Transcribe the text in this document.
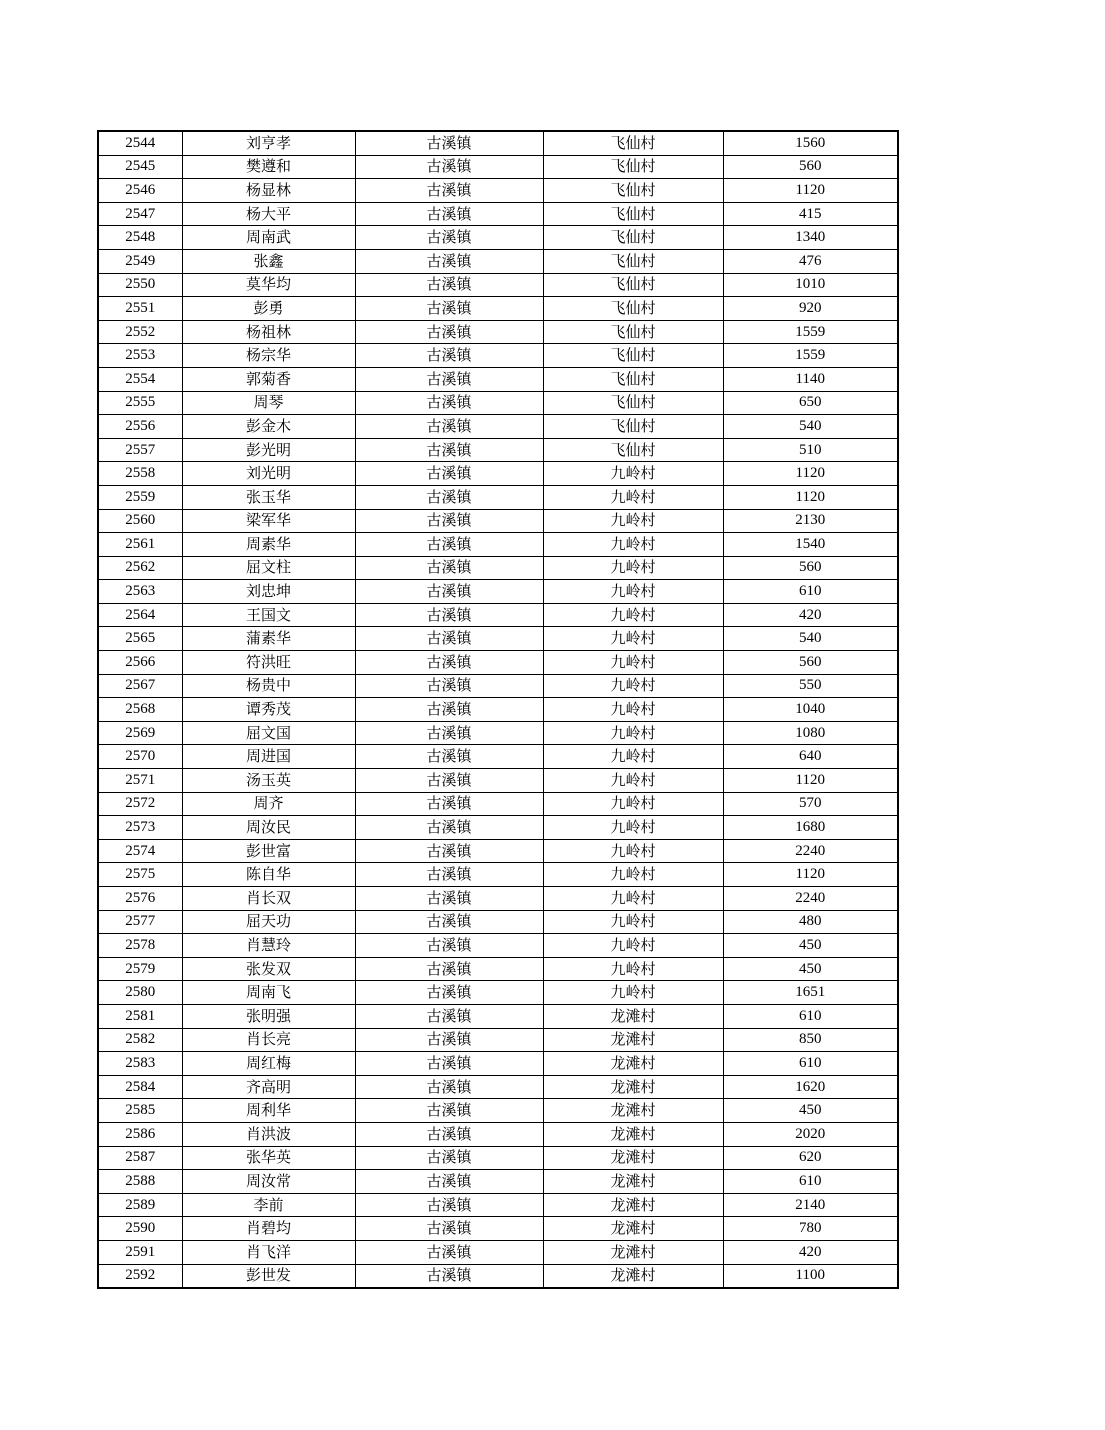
2544	刘亨孝	古溪镇	飞仙村	1560
2545	樊遵和	古溪镇	飞仙村	560
2546	杨显林	古溪镇	飞仙村	1120
2547	杨大平	古溪镇	飞仙村	415
2548	周南武	古溪镇	飞仙村	1340
2549	张鑫	古溪镇	飞仙村	476
2550	莫华均	古溪镇	飞仙村	1010
2551	彭勇	古溪镇	飞仙村	920
2552	杨祖林	古溪镇	飞仙村	1559
2553	杨宗华	古溪镇	飞仙村	1559
2554	郭菊香	古溪镇	飞仙村	1140
2555	周琴	古溪镇	飞仙村	650
2556	彭金木	古溪镇	飞仙村	540
2557	彭光明	古溪镇	飞仙村	510
2558	刘光明	古溪镇	九岭村	1120
2559	张玉华	古溪镇	九岭村	1120
2560	梁军华	古溪镇	九岭村	2130
2561	周素华	古溪镇	九岭村	1540
2562	屈文柱	古溪镇	九岭村	560
2563	刘忠坤	古溪镇	九岭村	610
2564	王国文	古溪镇	九岭村	420
2565	蒲素华	古溪镇	九岭村	540
2566	符洪旺	古溪镇	九岭村	560
2567	杨贵中	古溪镇	九岭村	550
2568	谭秀茂	古溪镇	九岭村	1040
2569	屈文国	古溪镇	九岭村	1080
2570	周进国	古溪镇	九岭村	640
2571	汤玉英	古溪镇	九岭村	1120
2572	周齐	古溪镇	九岭村	570
2573	周汝民	古溪镇	九岭村	1680
2574	彭世富	古溪镇	九岭村	2240
2575	陈自华	古溪镇	九岭村	1120
2576	肖长双	古溪镇	九岭村	2240
2577	屈天功	古溪镇	九岭村	480
2578	肖慧玲	古溪镇	九岭村	450
2579	张发双	古溪镇	九岭村	450
2580	周南飞	古溪镇	九岭村	1651
2581	张明强	古溪镇	龙滩村	610
2582	肖长亮	古溪镇	龙滩村	850
2583	周红梅	古溪镇	龙滩村	610
2584	齐高明	古溪镇	龙滩村	1620
2585	周利华	古溪镇	龙滩村	450
2586	肖洪波	古溪镇	龙滩村	2020
2587	张华英	古溪镇	龙滩村	620
2588	周汝常	古溪镇	龙滩村	610
2589	李前	古溪镇	龙滩村	2140
2590	肖碧均	古溪镇	龙滩村	780
2591	肖飞洋	古溪镇	龙滩村	420
2592	彭世发	古溪镇	龙滩村	1100
